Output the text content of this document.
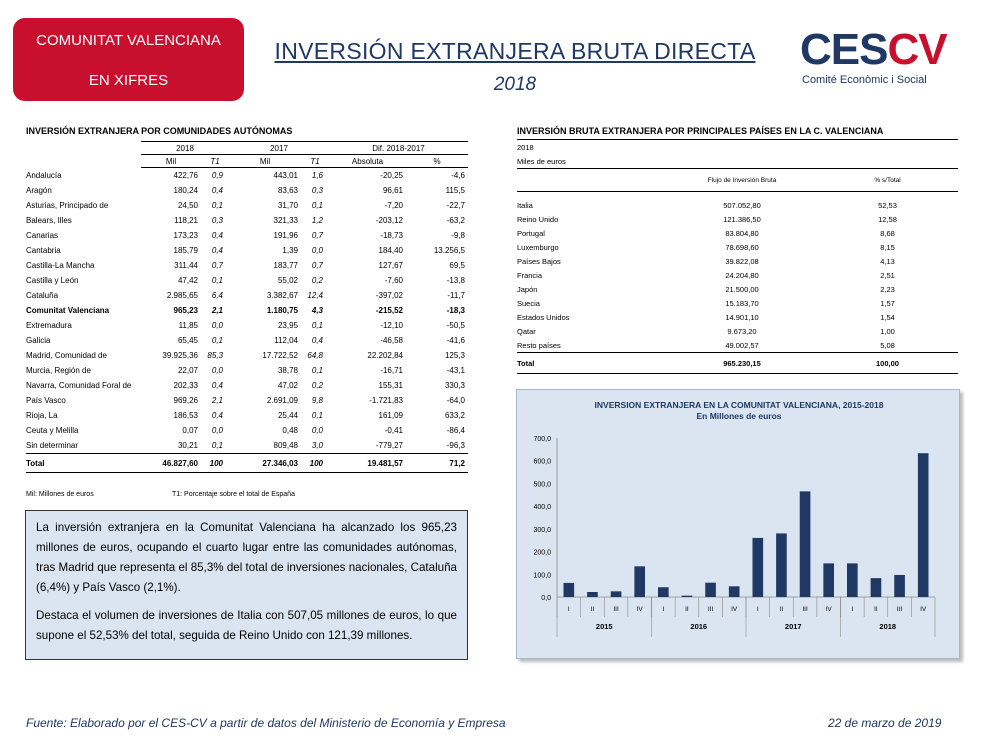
COMUNITAT VALENCIANA
EN XIFRES
INVERSIÓN EXTRANJERA BRUTA DIRECTA
2018
CESCV
Comité Econòmic i Social
INVERSIÓN EXTRANJERA POR COMUNIDADES AUTÓNOMAS
	2018		2017		Dif. 2018-2017	
	Mil	T1	Mil	T1	Absoluta	%
Andalucía	422,76	0,9	443,01	1,6	-20,25	-4,6
Aragón	180,24	0,4	83,63	0,3	96,61	115,5
Asturias, Principado de	24,50	0,1	31,70	0,1	-7,20	-22,7
Balears, Illes	118,21	0,3	321,33	1,2	-203,12	-63,2
Canarias	173,23	0,4	191,96	0,7	-18,73	-9,8
Cantabria	185,79	0,4	1,39	0,0	184,40	13.256,5
Castilla-La Mancha	311,44	0,7	183,77	0,7	127,67	69,5
Castilla y León	47,42	0,1	55,02	0,2	-7,60	-13,8
Cataluña	2.985,65	6,4	3.382,67	12,4	-397,02	-11,7
Comunitat Valenciana	965,23	2,1	1.180,75	4,3	-215,52	-18,3
Extremadura	11,85	0,0	23,95	0,1	-12,10	-50,5
Galicia	65,45	0,1	112,04	0,4	-46,58	-41,6
Madrid, Comunidad de	39.925,36	85,3	17.722,52	64,8	22.202,84	125,3
Murcia, Región de	22,07	0,0	38,78	0,1	-16,71	-43,1
Navarra, Comunidad Foral de	202,33	0,4	47,02	0,2	155,31	330,3
País Vasco	969,26	2,1	2.691,09	9,8	-1.721,83	-64,0
Rioja, La	186,53	0,4	25,44	0,1	161,09	633,2
Ceuta y Melilla	0,07	0,0	0,48	0,0	-0,41	-86,4
Sin determinar	30,21	0,1	809,48	3,0	-779,27	-96,3
Total	46.827,60	100	27.346,03	100	19.481,57	71,2
Mil: Millones de euros	T1: Porcentaje sobre el total de España
INVERSIÓN BRUTA EXTRANJERA POR PRINCIPALES PAÍSES EN LA C. VALENCIANA
2018		
Miles de euros		
	Flujo de Inversión Bruta	% s/Total

Italia	507.052,80	52,53
Reino Unido	121.386,50	12,58
Portugal	83.804,80	8,68
Luxemburgo	78.698,60	8,15
Países Bajos	39.822,08	4,13
Francia	24.204,80	2,51
Japón	21.500,00	2,23
Suecia	15.183,70	1,57
Estados Unidos	14.901,10	1,54
Qatar	9.673,20	1,00
Resto países	49.002,57	5,08
Total	965.230,15	100,00

La inversión extranjera en la Comunitat Valenciana ha alcanzado los 965,23 millones de euros, ocupando el cuarto lugar entre las comunidades autónomas, tras Madrid que representa el 85,3% del total de inversiones nacionales, Cataluña (6,4%) y País Vasco (2,1%).

Destaca el volumen de inversiones de Italia con 507,05 millones de euros, lo que supone el 52,53% del total, seguida de Reino Unido con 121,39 millones.

INVERSION EXTRANJERA EN LA COMUNITAT VALENCIANA, 2015-2018
En Millones de euros
0,0
100,0
200,0
300,0
400,0
500,0
600,0
700,0
I	II	III	IV	I	II	III	IV	I	II	III	IV	I	II	III	IV
2015	2016	2017	2018
Fuente: Elaborado por el CES-CV a partir de datos del Ministerio de Economía y Empresa	22 de marzo de 2019
